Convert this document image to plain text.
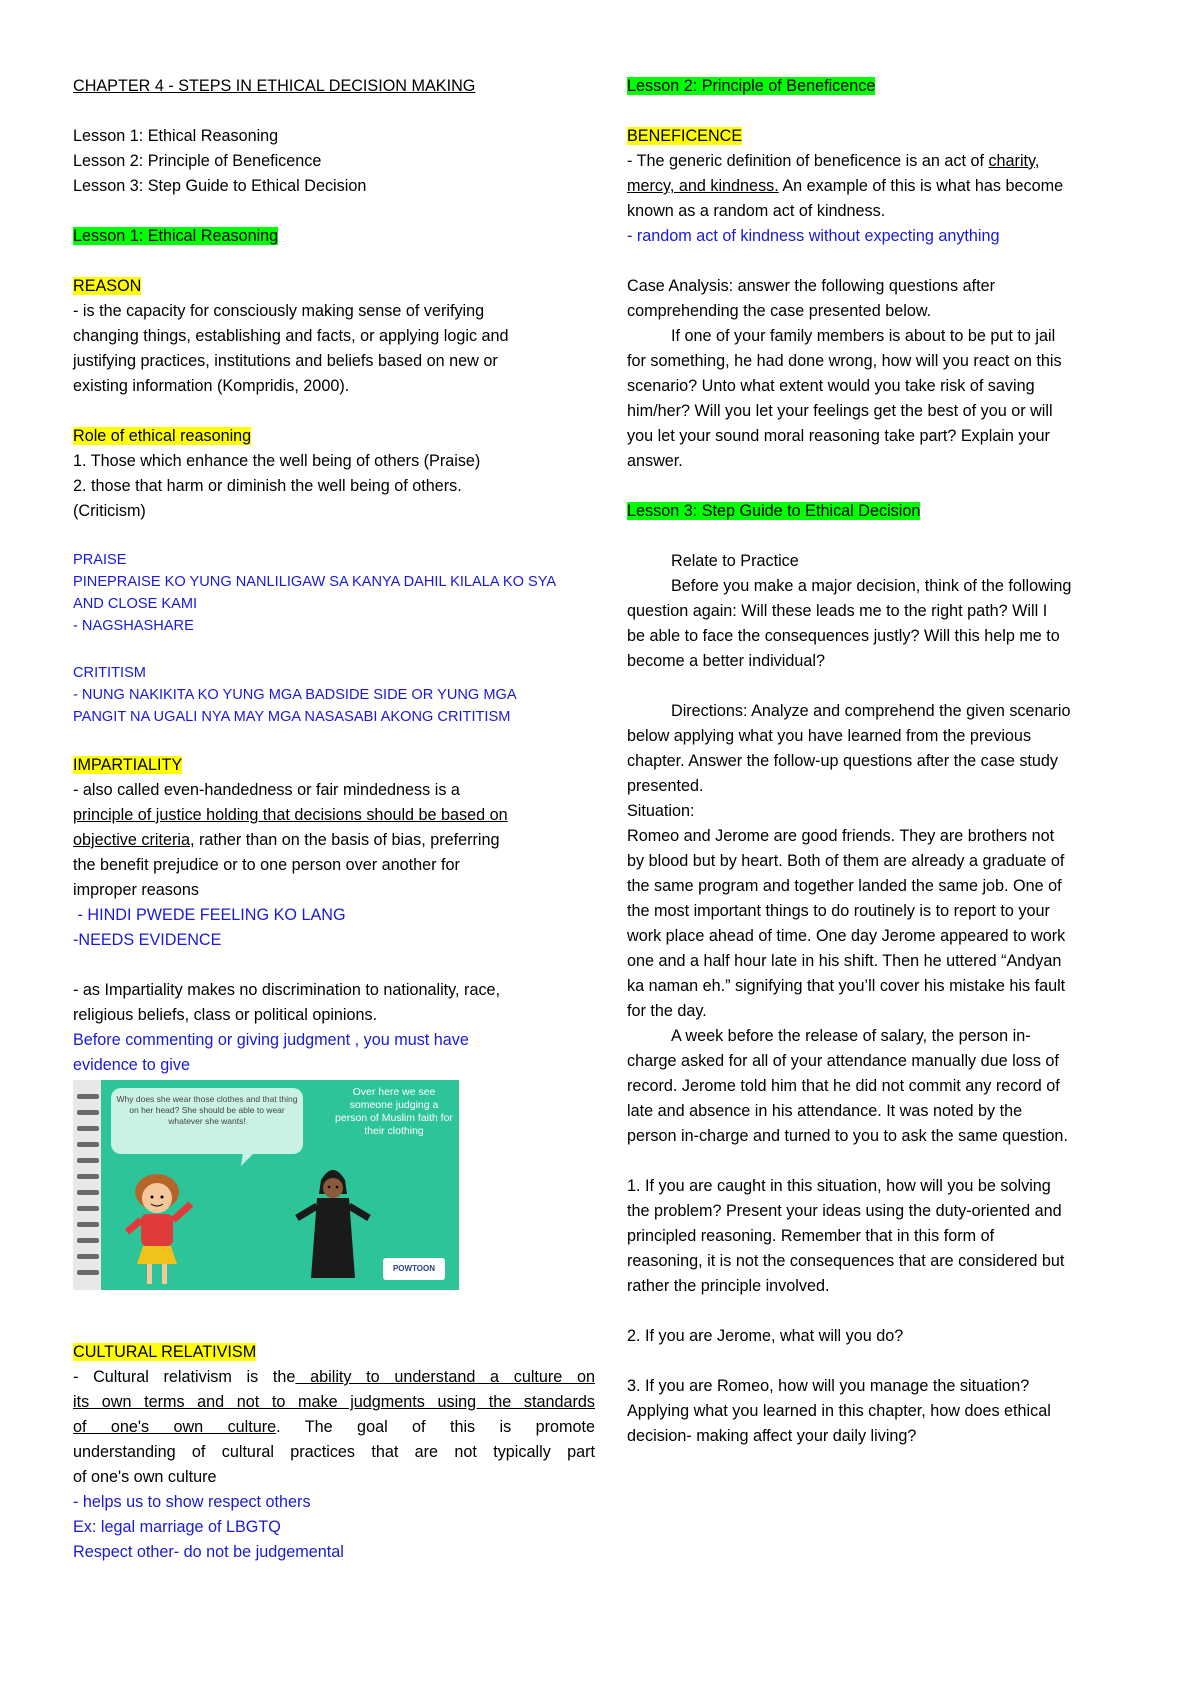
CHAPTER 4 - STEPS IN ETHICAL DECISION MAKING
Lesson 1: Ethical Reasoning
Lesson 2: Principle of Beneficence
Lesson 3: Step Guide to Ethical Decision
Lesson 1: Ethical Reasoning
REASON
- is the capacity for consciously making sense of verifying
changing things, establishing and facts, or applying logic and
justifying practices, institutions and beliefs based on new or
existing information (Kompridis, 2000).
Role of ethical reasoning
1. Those which enhance the well being of others (Praise)
2. those that harm or diminish the well being of others.
(Criticism)
PRAISE
PINEPRAISE KO YUNG NANLILIGAW SA KANYA DAHIL KILALA KO SYA
AND CLOSE KAMI
- NAGSHASHARE
CRITITISM
- NUNG NAKIKITA KO YUNG MGA BADSIDE SIDE OR YUNG MGA
PANGIT NA UGALI NYA MAY MGA NASASABI AKONG CRITITISM
IMPARTIALITY
- also called even-handedness or fair mindedness is a
principle of justice holding that decisions should be based on
objective criteria, rather than on the basis of bias, preferring
the benefit prejudice or to one person over another for
improper reasons
- HINDI PWEDE FEELING KO LANG
-NEEDS EVIDENCE
- as Impartiality makes no discrimination to nationality, race,
religious beliefs, class or political opinions.
Before commenting or giving judgment , you must have
evidence to give
Why does she wear those clothes and that thing on her head? She should be able to wear whatever she wants!
Over here we see someone judging a person of Muslim faith for their clothing
POWTOON
CULTURAL RELATIVISM
- Cultural relativism is the ability to understand a culture on
its own terms and not to make judgments using the standards
of one's own culture. The goal of this is promote
understanding of cultural practices that are not typically part
of one's own culture
- helps us to show respect others
Ex: legal marriage of LBGTQ
Respect other- do not be judgemental
Lesson 2: Principle of Beneficence
BENEFICENCE
- The generic definition of beneficence is an act of charity,
mercy, and kindness. An example of this is what has become
known as a random act of kindness.
- random act of kindness without expecting anything
Case Analysis: answer the following questions after
comprehending the case presented below.
If one of your family members is about to be put to jail
for something, he had done wrong, how will you react on this
scenario? Unto what extent would you take risk of saving
him/her? Will you let your feelings get the best of you or will
you let your sound moral reasoning take part? Explain your
answer.
Lesson 3: Step Guide to Ethical Decision
Relate to Practice
Before you make a major decision, think of the following
question again: Will these leads me to the right path? Will I
be able to face the consequences justly? Will this help me to
become a better individual?
Directions: Analyze and comprehend the given scenario
below applying what you have learned from the previous
chapter. Answer the follow-up questions after the case study
presented.
Situation:
Romeo and Jerome are good friends. They are brothers not
by blood but by heart. Both of them are already a graduate of
the same program and together landed the same job. One of
the most important things to do routinely is to report to your
work place ahead of time. One day Jerome appeared to work
one and a half hour late in his shift. Then he uttered “Andyan
ka naman eh.” signifying that you’ll cover his mistake his fault
for the day.
A week before the release of salary, the person in-
charge asked for all of your attendance manually due loss of
record. Jerome told him that he did not commit any record of
late and absence in his attendance. It was noted by the
person in-charge and turned to you to ask the same question.
1. If you are caught in this situation, how will you be solving
the problem? Present your ideas using the duty-oriented and
principled reasoning. Remember that in this form of
reasoning, it is not the consequences that are considered but
rather the principle involved.
2. If you are Jerome, what will you do?
3. If you are Romeo, how will you manage the situation?
Applying what you learned in this chapter, how does ethical
decision- making affect your daily living?
